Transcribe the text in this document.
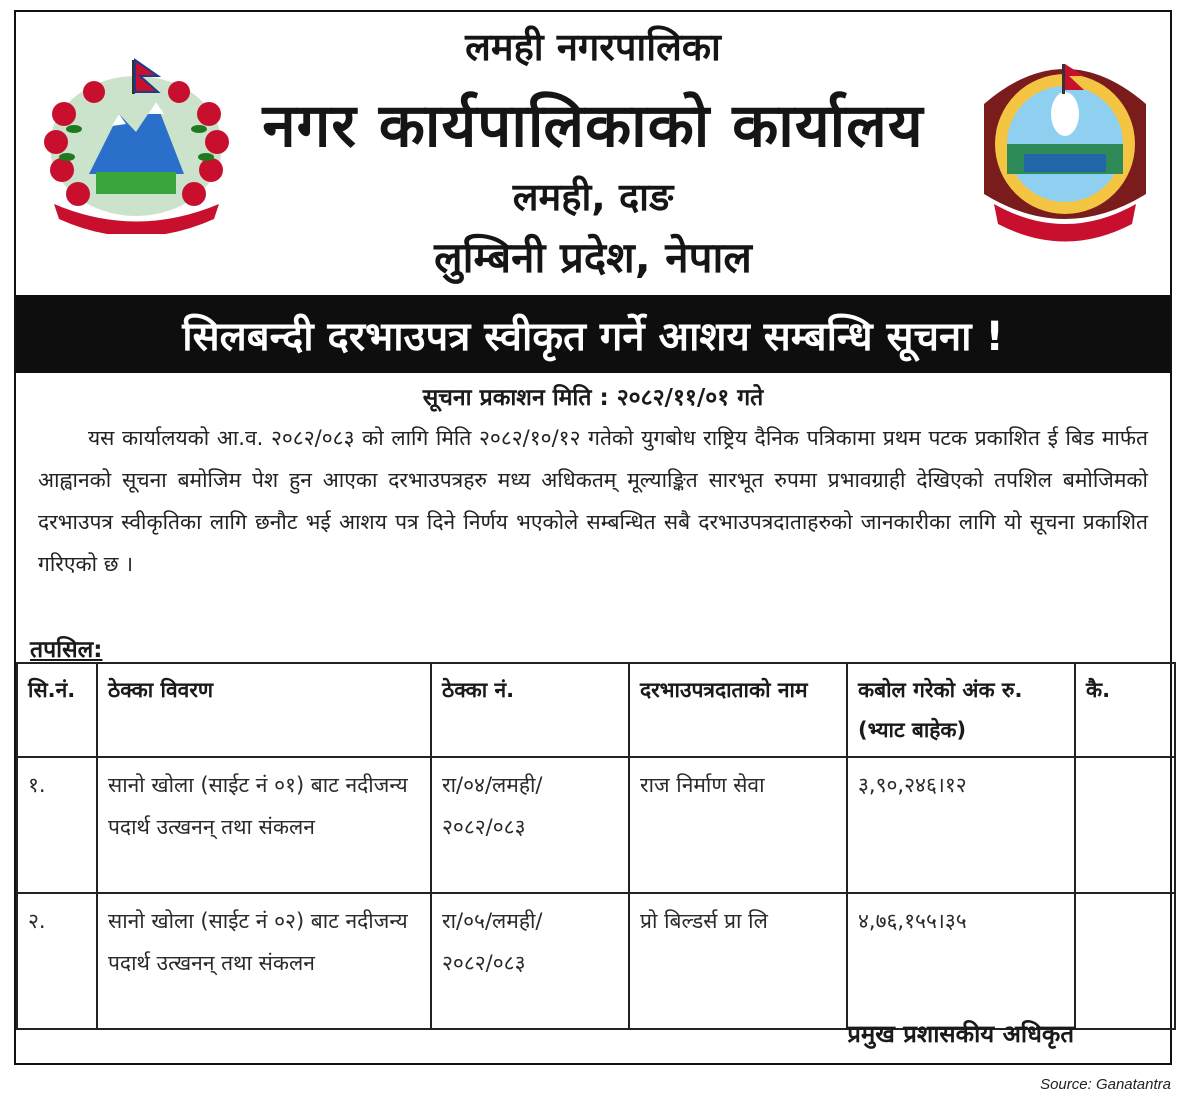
लमही नगरपालिका
नगर कार्यपालिकाको कार्यालय
लमही, दाङ
लुम्बिनी प्रदेश, नेपाल
सिलबन्दी दरभाउपत्र स्वीकृत गर्ने आशय सम्बन्धि सूचना !
सूचना प्रकाशन मिति : २०८२/११/०१ गते
यस कार्यालयको आ.व. २०८२/०८३ को लागि मिति २०८२/१०/१२ गतेको युगबोध राष्ट्रिय दैनिक पत्रिकामा प्रथम पटक प्रकाशित ई बिड मार्फत आह्वानको सूचना बमोजिम पेश हुन आएका दरभाउपत्रहरु मध्य अधिकतम् मूल्याङ्कित सारभूत रुपमा प्रभावग्राही देखिएको तपशिल बमोजिमको दरभाउपत्र स्वीकृतिका लागि छनौट भई आशय पत्र दिने निर्णय भएकोले सम्बन्धित सबै दरभाउपत्रदाताहरुको जानकारीका लागि यो सूचना प्रकाशित गरिएको छ ।
तपसिल:
सि.नं.	ठेक्का विवरण	ठेक्का नं.	दरभाउपत्रदाताको नाम	कबोल गरेको अंक रु. (भ्याट बाहेक)	कै.
१.	सानो खोला (साईट नं ०१) बाट नदीजन्य पदार्थ उत्खनन् तथा संकलन	रा/०४/लमही/ २०८२/०८३	राज निर्माण सेवा	३,९०,२४६।१२	
२.	सानो खोला (साईट नं ०२) बाट नदीजन्य पदार्थ उत्खनन् तथा संकलन	रा/०५/लमही/ २०८२/०८३	प्रो बिल्डर्स प्रा लि	४,७६,१५५।३५	
प्रमुख प्रशासकीय अधिकृत
Source: Ganatantra
